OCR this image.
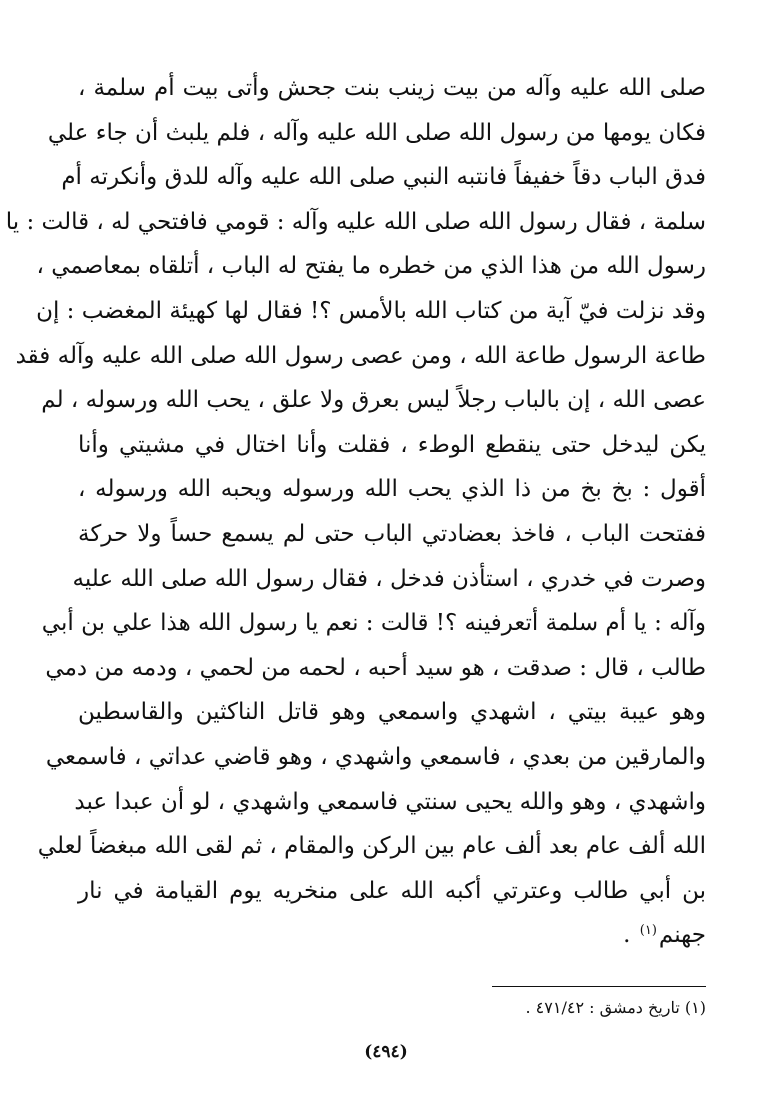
صلى الله عليه وآله من بيت زينب بنت جحش وأتى بيت أم سلمة ،
فكان يومها من رسول الله صلى الله عليه وآله ، فلم يلبث أن جاء علي
فدق الباب دقاً خفيفاً فانتبه النبي صلى الله عليه وآله للدق وأنكرته أم
سلمة ، فقال رسول الله صلى الله عليه وآله : قومي فافتحي له ، قالت : يا
رسول الله من هذا الذي من خطره ما يفتح له الباب ، أتلقاه بمعاصمي ،
وقد نزلت فيّ آية من كتاب الله بالأمس ؟! فقال لها كهيئة المغضب : إن
طاعة الرسول طاعة الله ، ومن عصى رسول الله صلى الله عليه وآله فقد
عصى الله ، إن بالباب رجلاً ليس بعرق ولا علق ، يحب الله ورسوله ، لم
يكن ليدخل حتى ينقطع الوطء ، فقلت وأنا اختال في مشيتي وأنا
أقول : بخ بخ من ذا الذي يحب الله ورسوله ويحبه الله ورسوله ،
ففتحت الباب ، فاخذ بعضادتي الباب حتى لم يسمع حساً ولا حركة
وصرت في خدري ، استأذن فدخل ، فقال رسول الله صلى الله عليه
وآله : يا أم سلمة أتعرفينه ؟! قالت : نعم يا رسول الله هذا علي بن أبي
طالب ، قال : صدقت ، هو سيد أحبه ، لحمه من لحمي ، ودمه من دمي
وهو عيبة بيتي ، اشهدي واسمعي وهو قاتل الناكثين والقاسطين
والمارقين من بعدي ، فاسمعي واشهدي ، وهو قاضي عداتي ، فاسمعي
واشهدي ، وهو والله يحيى سنتي فاسمعي واشهدي ، لو أن عبدا عبد
الله ألف عام بعد ألف عام بين الركن والمقام ، ثم لقى الله مبغضاً لعلي
بن أبي طالب وعترتي أكبه الله على منخريه يوم القيامة في نار
جهنم$^{(١)}$ .
(١) تاريخ دمشق : ٤٧١/٤٢ .
(٤٩٤)
